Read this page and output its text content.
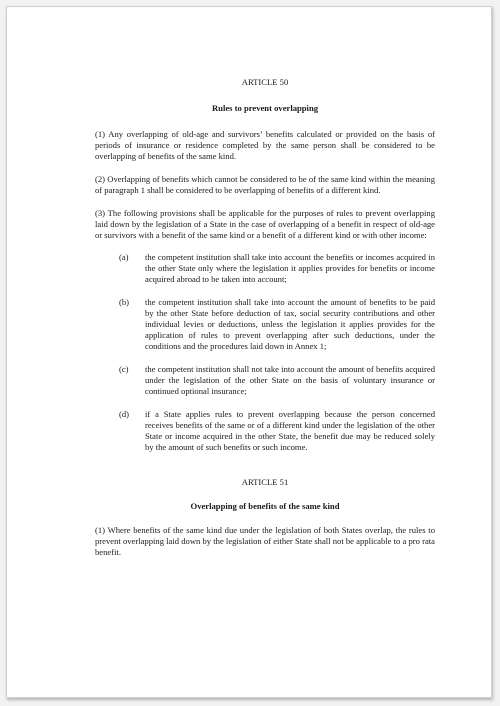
ARTICLE 50
Rules to prevent overlapping

(1) Any overlapping of old-age and survivors’ benefits calculated or provided on the basis of periods of insurance or residence completed by the same person shall be considered to be overlapping of benefits of the same kind.

(2) Overlapping of benefits which cannot be considered to be of the same kind within the meaning of paragraph 1 shall be considered to be overlapping of benefits of a different kind.

(3) The following provisions shall be applicable for the purposes of rules to prevent overlapping laid down by the legislation of a State in the case of overlapping of a benefit in respect of old-age or survivors with a benefit of the same kind or a benefit of a different kind or with other income:

(a)	the competent institution shall take into account the benefits or incomes acquired in the other State only where the legislation it applies provides for benefits or income acquired abroad to be taken into account;
(b)	the competent institution shall take into account the amount of benefits to be paid by the other State before deduction of tax, social security contributions and other individual levies or deductions, unless the legislation it applies provides for the application of rules to prevent overlapping after such deductions, under the conditions and the procedures laid down in Annex 1;
(c)	the competent institution shall not take into account the amount of benefits acquired under the legislation of the other State on the basis of voluntary insurance or continued optional insurance;
(d)	if a State applies rules to prevent overlapping because the person concerned receives benefits of the same or of a different kind under the legislation of the other State or income acquired in the other State, the benefit due may be reduced solely by the amount of such benefits or such income.
ARTICLE 51
Overlapping of benefits of the same kind

(1) Where benefits of the same kind due under the legislation of both States overlap, the rules to prevent overlapping laid down by the legislation of either State shall not be applicable to a pro rata benefit.
